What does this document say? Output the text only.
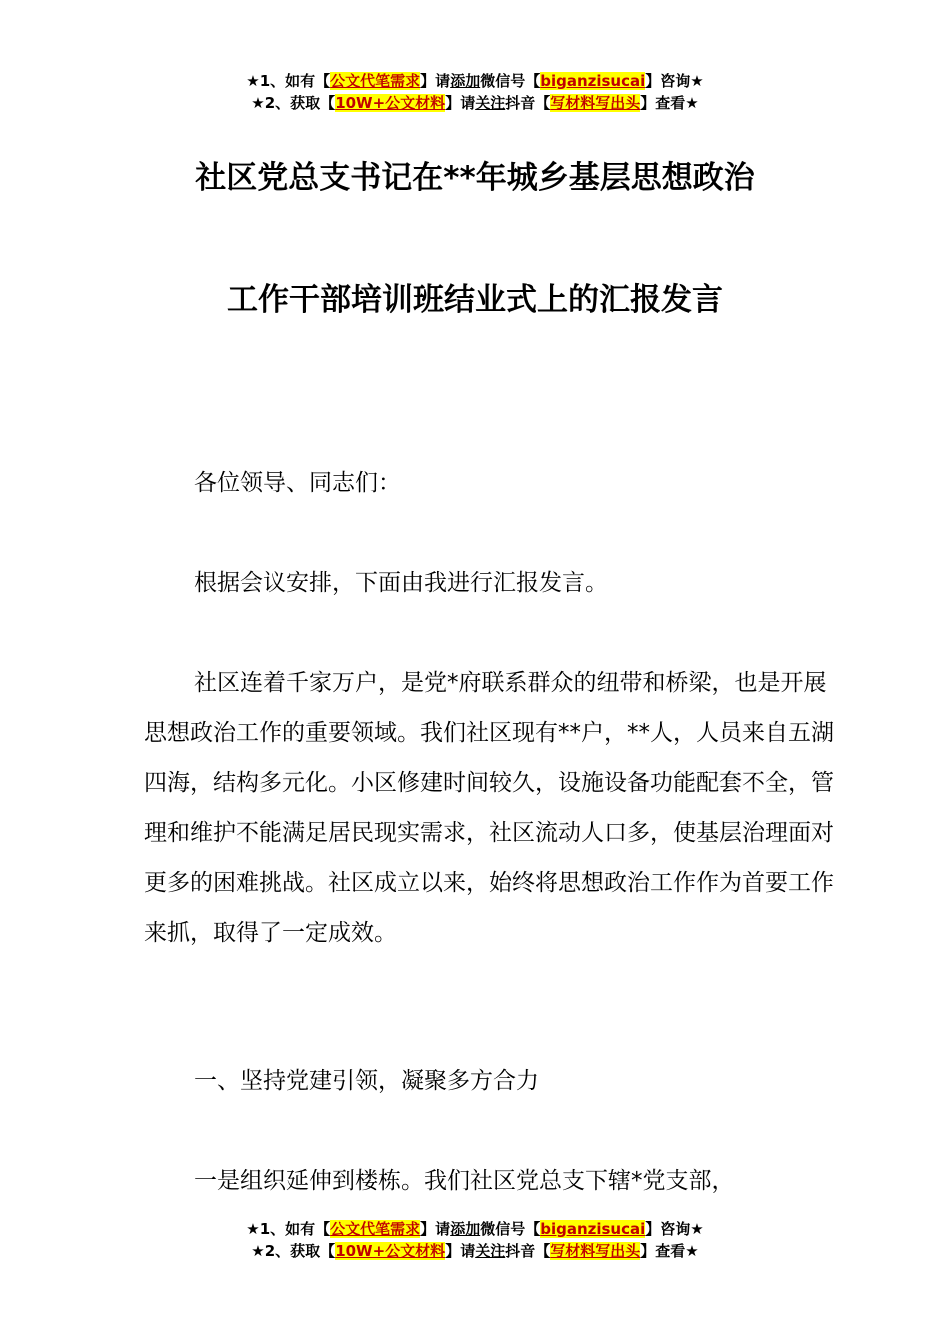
★1、如有【公文代笔需求】请添加微信号【biganzisucai】咨询★
★2、获取【10W+公文材料】请关注抖音【写材料写出头】查看★
社区党总支书记在**年城乡基层思想政治
工作干部培训班结业式上的汇报发言
各位领导、同志们：
根据会议安排，下面由我进行汇报发言。
社区连着千家万户，是党*府联系群众的纽带和桥梁，也是开展思想政治工作的重要领域。我们社区现有**户，**人，人员来自五湖四海，结构多元化。小区修建时间较久，设施设备功能配套不全，管理和维护不能满足居民现实需求，社区流动人口多，使基层治理面对更多的困难挑战。社区成立以来，始终将思想政治工作作为首要工作来抓，取得了一定成效。
一、坚持党建引领，凝聚多方合力
一是组织延伸到楼栋。我们社区党总支下辖*党支部，
★1、如有【公文代笔需求】请添加微信号【biganzisucai】咨询★
★2、获取【10W+公文材料】请关注抖音【写材料写出头】查看★
